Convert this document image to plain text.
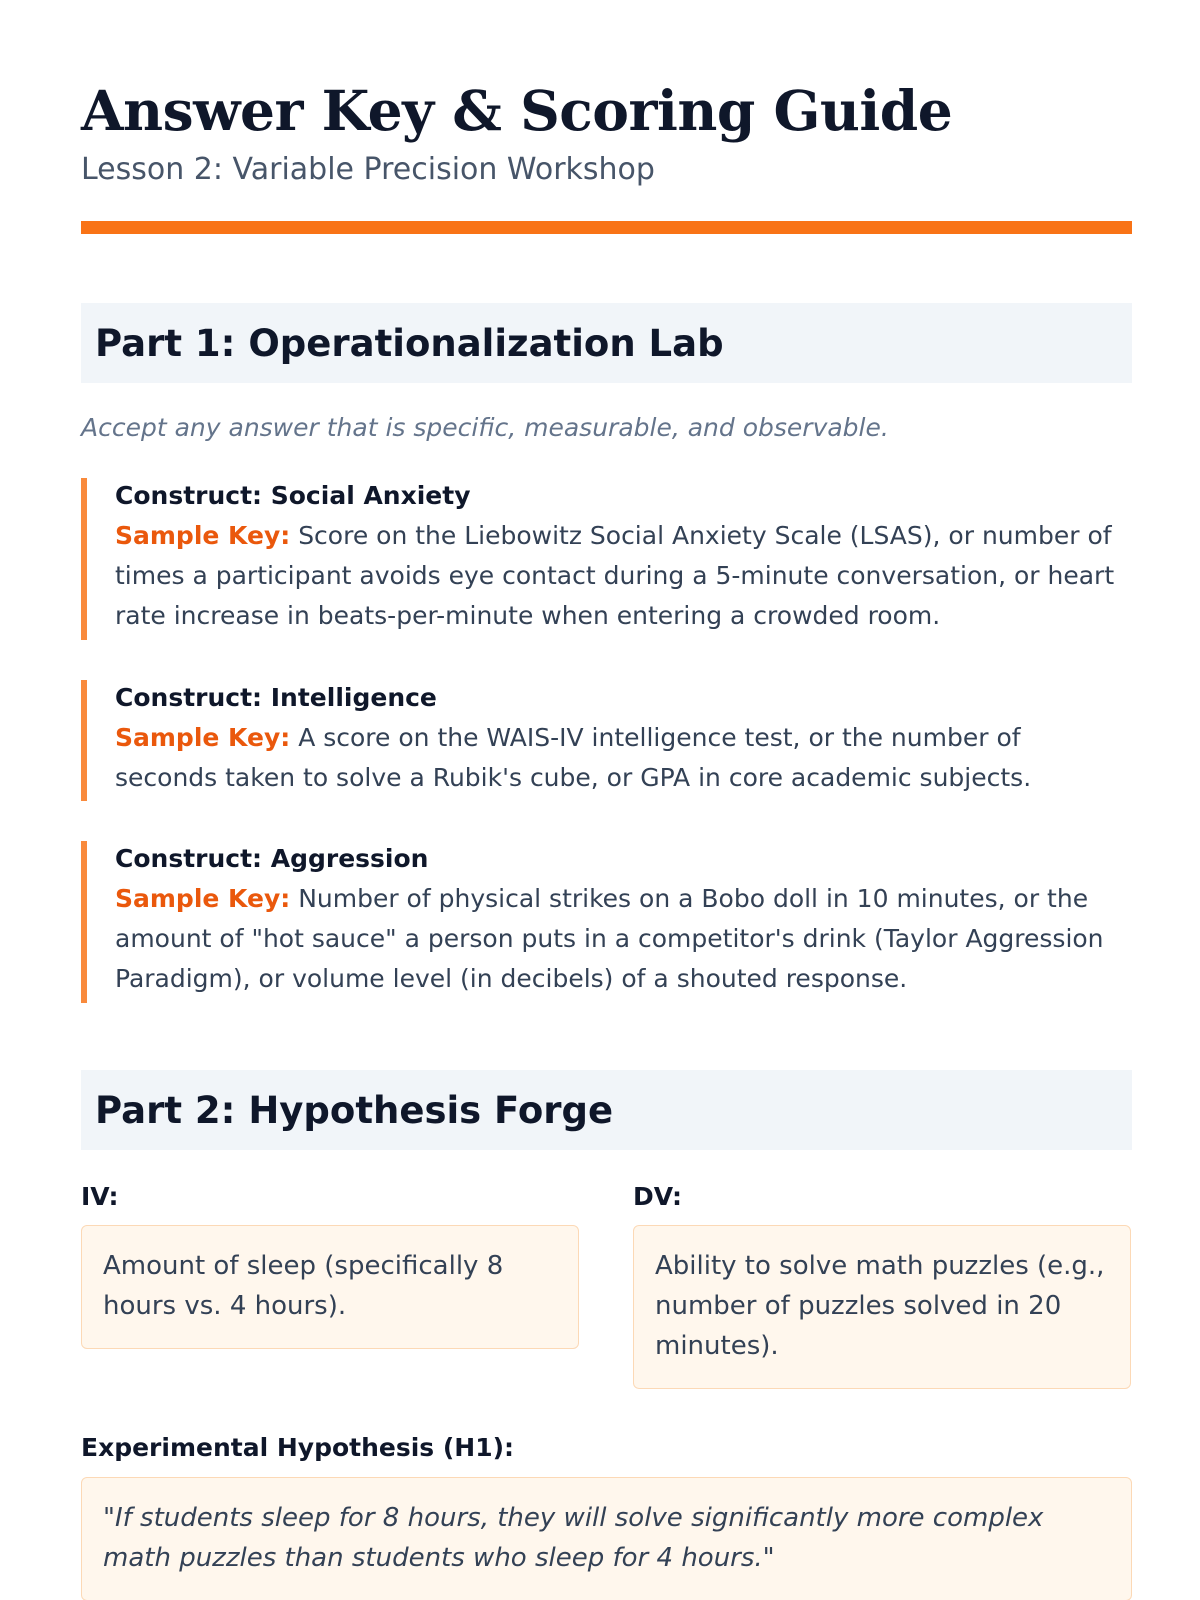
Answer Key & Scoring Guide
Lesson 2: Variable Precision Workshop
Part 1: Operationalization Lab
Accept any answer that is specific, measurable, and observable.
Construct: Social Anxiety
Sample Key: Score on the Liebowitz Social Anxiety Scale (LSAS), or number of times a participant avoids eye contact during a 5-minute conversation, or heart rate increase in beats-per-minute when entering a crowded room.
Construct: Intelligence
Sample Key: A score on the WAIS-IV intelligence test, or the number of seconds taken to solve a Rubik's cube, or GPA in core academic subjects.
Construct: Aggression
Sample Key: Number of physical strikes on a Bobo doll in 10 minutes, or the amount of "hot sauce" a person puts in a competitor's drink (Taylor Aggression Paradigm), or volume level (in decibels) of a shouted response.
Part 2: Hypothesis Forge
IV:
Amount of sleep (specifically 8 hours vs. 4 hours).
DV:
Ability to solve math puzzles (e.g., number of puzzles solved in 20 minutes).
Experimental Hypothesis (H1):
"If students sleep for 8 hours, they will solve significantly more complex math puzzles than students who sleep for 4 hours."
